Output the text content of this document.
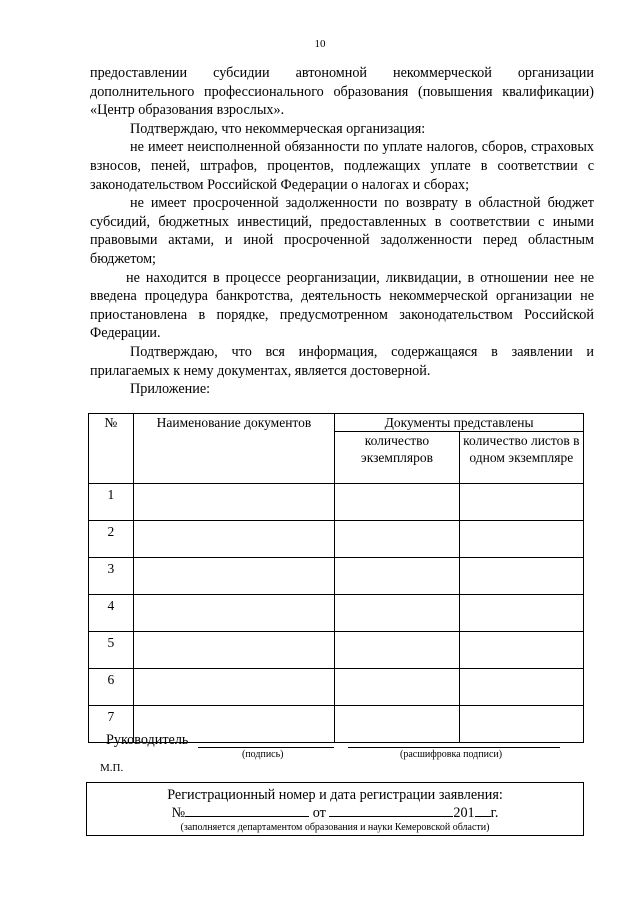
10

предоставлении субсидии автономной некоммерческой организации дополнительного профессионального образования (повышения квалификации) «Центр образования взрослых».

Подтверждаю, что некоммерческая организация:

не имеет неисполненной обязанности по уплате налогов, сборов, страховых взносов, пеней, штрафов, процентов, подлежащих уплате в соответствии с законодательством Российской Федерации о налогах и сборах;

не имеет просроченной задолженности по возврату в областной бюджет субсидий, бюджетных инвестиций, предоставленных в соответствии с иными правовыми актами, и иной просроченной задолженности перед областным бюджетом;

не находится в процессе реорганизации, ликвидации, в отношении нее не введена процедура банкротства, деятельность некоммерческой организации не приостановлена в порядке, предусмотренном законодательством Российской Федерации.

Подтверждаю, что вся информация, содержащаяся в заявлении и прилагаемых к нему документах, является достоверной.

Приложение:

№	Наименование документов	Документы представлены	
		количество экземпляров	количество листов в одном экземпляре
1			
2			
3			
4			
5			
6			
7			
Руководитель
(подпись)	(расшифровка подписи)
М.П.
Регистрационный номер и дата регистрации заявления:
№	от	201 г.
(заполняется департаментом образования и науки Кемеровской области)
